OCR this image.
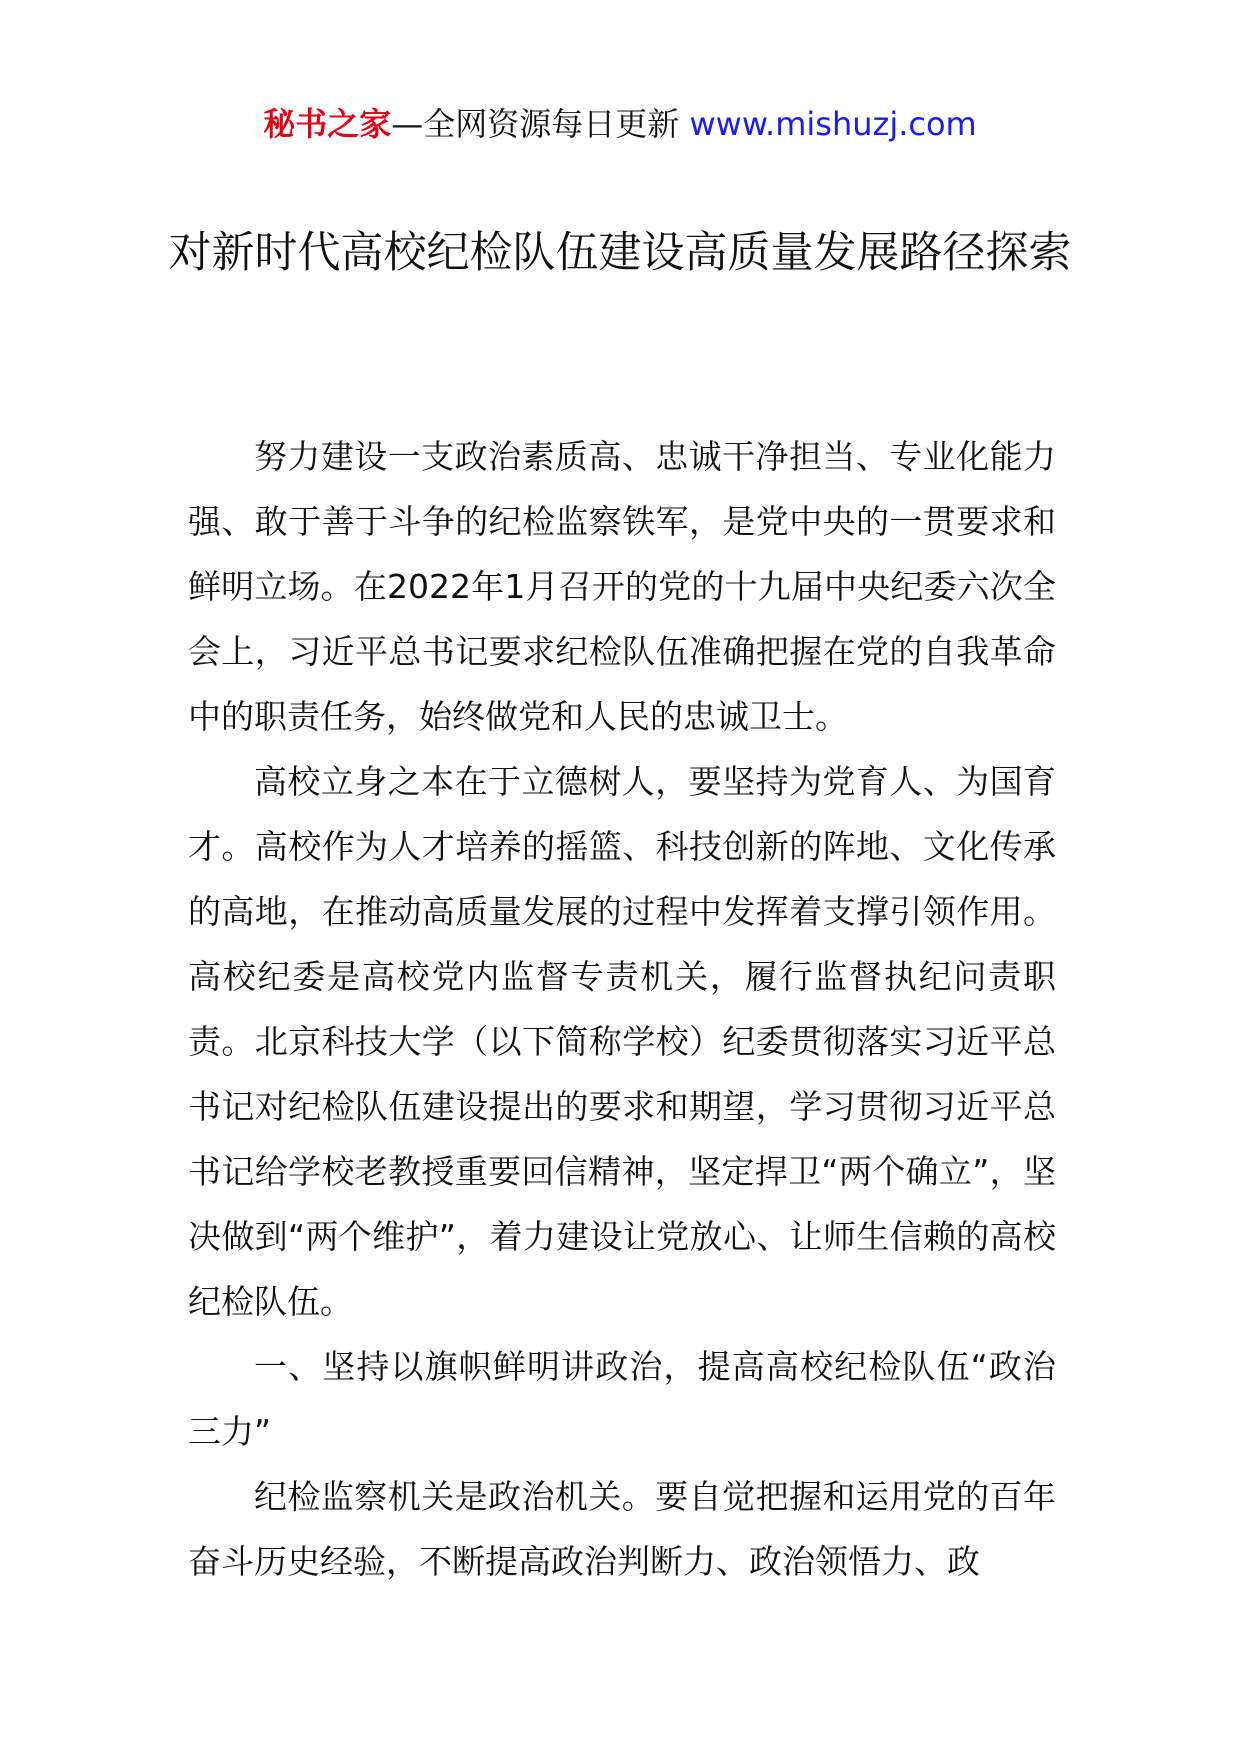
秘书之家—全网资源每日更新 www.mishuzj.com
对新时代高校纪检队伍建设高质量发展路径探索

努力建设一支政治素质高、忠诚干净担当、专业化能力强、敢于善于斗争的纪检监察铁军，是党中央的一贯要求和鲜明立场。在2022年1月召开的党的十九届中央纪委六次全会上，习近平总书记要求纪检队伍准确把握在党的自我革命中的职责任务，始终做党和人民的忠诚卫士。

高校立身之本在于立德树人，要坚持为党育人、为国育才。高校作为人才培养的摇篮、科技创新的阵地、文化传承的高地，在推动高质量发展的过程中发挥着支撑引领作用。高校纪委是高校党内监督专责机关，履行监督执纪问责职责。北京科技大学（以下简称学校）纪委贯彻落实习近平总书记对纪检队伍建设提出的要求和期望，学习贯彻习近平总书记给学校老教授重要回信精神，坚定捍卫“两个确立”，坚决做到“两个维护”，着力建设让党放心、让师生信赖的高校纪检队伍。

一、坚持以旗帜鲜明讲政治，提高高校纪检队伍“政治三力”

纪检监察机关是政治机关。要自觉把握和运用党的百年奋斗历史经验，不断提高政治判断力、政治领悟力、政
